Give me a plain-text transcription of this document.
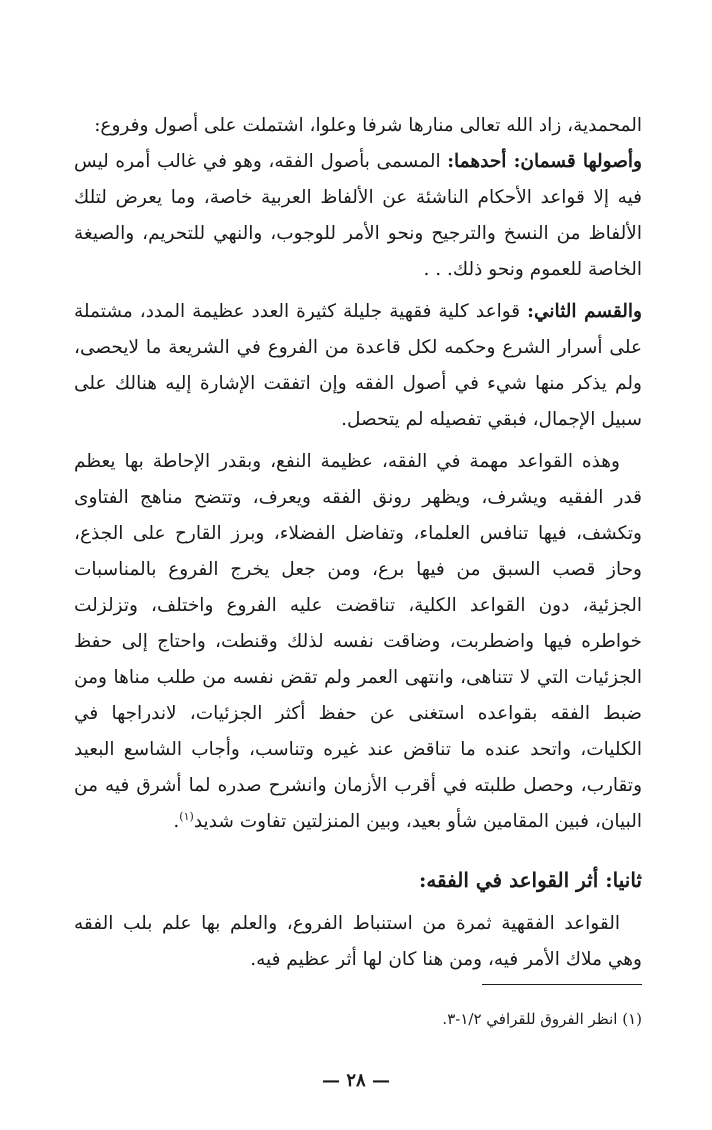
المحمدية، زاد الله تعالى منارها شرفا وعلوا، اشتملت على أصول وفروع:

وأصولها قسمان: أحدهما: المسمى بأصول الفقه، وهو في غالب أمره ليس فيه إلا قواعد الأحكام الناشئة عن الألفاظ العربية خاصة، وما يعرض لتلك الألفاظ من النسخ والترجيح ونحو الأمر للوجوب، والنهي للتحريم، والصيغة الخاصة للعموم ونحو ذلك. . .

والقسم الثاني: قواعد كلية فقهية جليلة كثيرة العدد عظيمة المدد، مشتملة على أسرار الشرع وحكمه لكل قاعدة من الفروع في الشريعة ما لايحصى، ولم يذكر منها شيء في أصول الفقه وإن اتفقت الإشارة إليه هنالك على سبيل الإجمال، فبقي تفصيله لم يتحصل.

وهذه القواعد مهمة في الفقه، عظيمة النفع، وبقدر الإحاطة بها يعظم قدر الفقيه ويشرف، ويظهر رونق الفقه ويعرف، وتتضح مناهج الفتاوى وتكشف، فيها تنافس العلماء، وتفاضل الفضلاء، وبرز القارح على الجذع، وحاز قصب السبق من فيها برع، ومن جعل يخرج الفروع بالمناسبات الجزئية، دون القواعد الكلية، تناقضت عليه الفروع واختلف، وتزلزلت خواطره فيها واضطربت، وضاقت نفسه لذلك وقنطت، واحتاج إلى حفظ الجزئيات التي لا تتناهى، وانتهى العمر ولم تقض نفسه من طلب مناها ومن ضبط الفقه بقواعده استغنى عن حفظ أكثر الجزئيات، لاندراجها في الكليات، واتحد عنده ما تناقض عند غيره وتناسب، وأجاب الشاسع البعيد وتقارب، وحصل طلبته في أقرب الأزمان وانشرح صدره لما أشرق فيه من البيان، فبين المقامين شأو بعيد، وبين المنزلتين تفاوت شديد$^{(١)}$.

ثانيا: أثر القواعد في الفقه:

القواعد الفقهية ثمرة من استنباط الفروع، والعلم بها علم بلب الفقه وهي ملاك الأمر فيه، ومن هنا كان لها أثر عظيم فيه.

(١) انظر الفروق للقرافي ١/٢-٣.
— ٢٨ —
